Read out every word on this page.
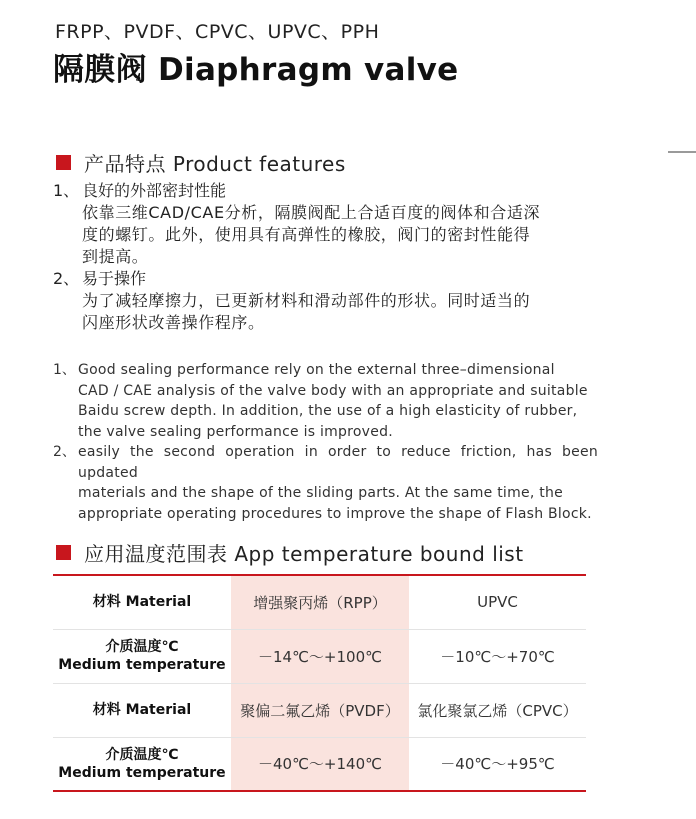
FRPP、PVDF、CPVC、UPVC、PPH
隔膜阀 Diaphragm valve
产品特点 Product features
1、 良好的外部密封性能
依靠三维CAD/CAE分析，隔膜阀配上合适百度的阀体和合适深
度的螺钉。此外，使用具有高弹性的橡胶，阀门的密封性能得
到提高。
2、 易于操作
为了减轻摩擦力，已更新材料和滑动部件的形状。同时适当的
闪座形状改善操作程序。
1、 Good sealing performance rely on the external three–dimensional
CAD / CAE analysis of the valve body with an appropriate and suitable
Baidu screw depth. In addition, the use of a high elasticity of rubber,
the valve sealing performance is improved.
2、 easily the second operation in order to reduce friction, has been updated
materials and the shape of the sliding parts. At the same time, the
appropriate operating procedures to improve the shape of Flash Block.
应用温度范围表 App temperature bound list
材料 Material	增强聚丙烯（RPP）	UPVC

介质温度℃
Medium temperature	－14℃～+100℃	－10℃～+70℃

材料 Material	聚偏二氟乙烯（PVDF）	氯化聚氯乙烯（CPVC）

介质温度℃
Medium temperature	－40℃～+140℃	－40℃～+95℃
